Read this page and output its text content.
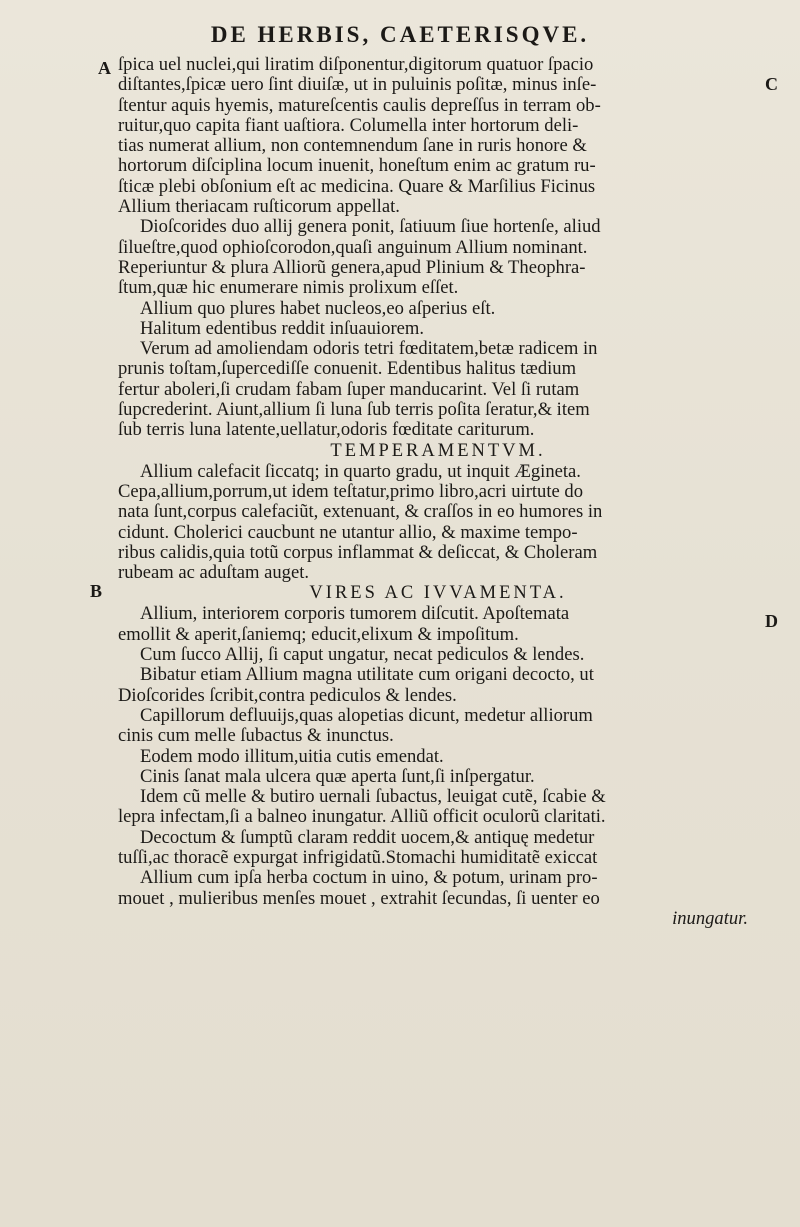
DE HERBIS, CAETERISQVE.
A
C
B
D
ſpica uel nuclei,qui liratim diſponentur,digitorum quatuor ſpacio
diſtantes,ſpicæ uero ſint diuiſæ, ut in puluinis poſitæ, minus inſe-
ſtentur aquis hyemis, matureſcentis caulis depreſſus in terram ob-
ruitur,quo capita fiant uaſtiora. Columella inter hortorum deli-
tias numerat allium, non contemnendum ſane in ruris honore &
hortorum diſciplina locum inuenit, honeſtum enim ac gratum ru-
ſticæ plebi obſonium eſt ac medicina. Quare & Marſilius Ficinus
Allium theriacam ruſticorum appellat.
Dioſcorides duo allij genera ponit, ſatiuum ſiue hortenſe, aliud
ſilueſtre,quod ophioſcorodon,quaſi anguinum Allium nominant.
Reperiuntur & plura Alliorũ genera,apud Plinium & Theophra-
ſtum,quæ hic enumerare nimis prolixum eſſet.
Allium quo plures habet nucleos,eo aſperius eſt.
Halitum edentibus reddit inſuauiorem.
Verum ad amoliendam odoris tetri fœditatem,betæ radicem in
prunis toſtam,ſupercediſſe conuenit. Edentibus halitus tædium
fertur aboleri,ſi crudam fabam ſuper manducarint. Vel ſi rutam
ſupcrederint. Aiunt,allium ſi luna ſub terris poſita ſeratur,& item
ſub terris luna latente,uellatur,odoris fœditate cariturum.
TEMPERAMENTVM.
Allium calefacit ſiccatq; in quarto gradu, ut inquit Ægineta.
Cepa,allium,porrum,ut idem teſtatur,primo libro,acri uirtute do
nata ſunt,corpus calefaciũt, extenuant, & craſſos in eo humores in
cidunt. Cholerici caucbunt ne utantur allio, & maxime tempo-
ribus calidis,quia totũ corpus inflammat & deſiccat, & Choleram
rubeam ac aduſtam auget.
VIRES AC IVVAMENTA.
Allium, interiorem corporis tumorem diſcutit. Apoſtemata
emollit & aperit,ſaniemq; educit,elixum & impoſitum.
Cum ſucco Allij, ſi caput ungatur, necat pediculos & lendes.
Bibatur etiam Allium magna utilitate cum origani decocto, ut
Dioſcorides ſcribit,contra pediculos & lendes.
Capillorum defluuijs,quas alopetias dicunt, medetur alliorum
cinis cum melle ſubactus & inunctus.
Eodem modo illitum,uitia cutis emendat.
Cinis ſanat mala ulcera quæ aperta ſunt,ſi inſpergatur.
Idem cũ melle & butiro uernali ſubactus, leuigat cutẽ, ſcabie &
lepra infectam,ſi a balneo inungatur. Alliũ officit oculorũ claritati.
Decoctum & ſumptũ claram reddit uocem,& antiquę medetur
tuſſi,ac thoracẽ expurgat infrigidatũ.Stomachi humiditatẽ exiccat
Allium cum ipſa herba coctum in uino, & potum, urinam pro-
mouet , mulieribus menſes mouet , extrahit ſecundas, ſi uenter eo
inungatur.
